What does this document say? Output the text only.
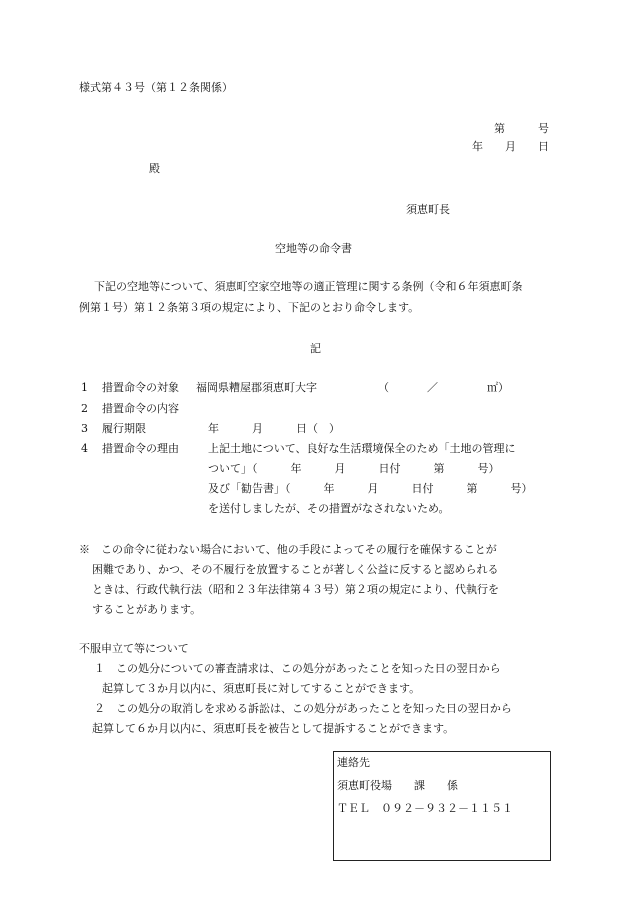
様式第４３号（第１２条関係）
第　　　号
年　　月　　日
殿
須恵町長
空地等の命令書
下記の空地等について、須恵町空家空地等の適正管理に関する条例（令和６年須恵町条
例第１号）第１２条第３項の規定により、下記のとおり命令します。
記
1 措置命令の対象 福岡県糟屋郡須恵町大字	（	／	㎡）
2 措置命令の内容
3 履行期限	年　　　月　　　日（　）
4 措置命令の理由	上記土地について、良好な生活環境保全のため「土地の管理に
ついて」（　　　年　　　月　　　日付　　　第　　　号）
及び「勧告書」（　　　年　　　月　　　日付　　　第　　　号）
を送付しましたが、その措置がなされないため。
※　この命令に従わない場合において、他の手段によってその履行を確保することが
困難であり、かつ、その不履行を放置することが著しく公益に反すると認められる
ときは、行政代執行法（昭和２３年法律第４３号）第２項の規定により、代執行を
することがあります。
不服申立て等について
１　この処分についての審査請求は、この処分があったことを知った日の翌日から
起算して３か月以内に、須恵町長に対してすることができます。
２　この処分の取消しを求める訴訟は、この処分があったことを知った日の翌日から
起算して６か月以内に、須恵町長を被告として提訴することができます。
連絡先
須恵町役場　　課　　係
ＴＥＬ　０９２－９３２－１１５１
